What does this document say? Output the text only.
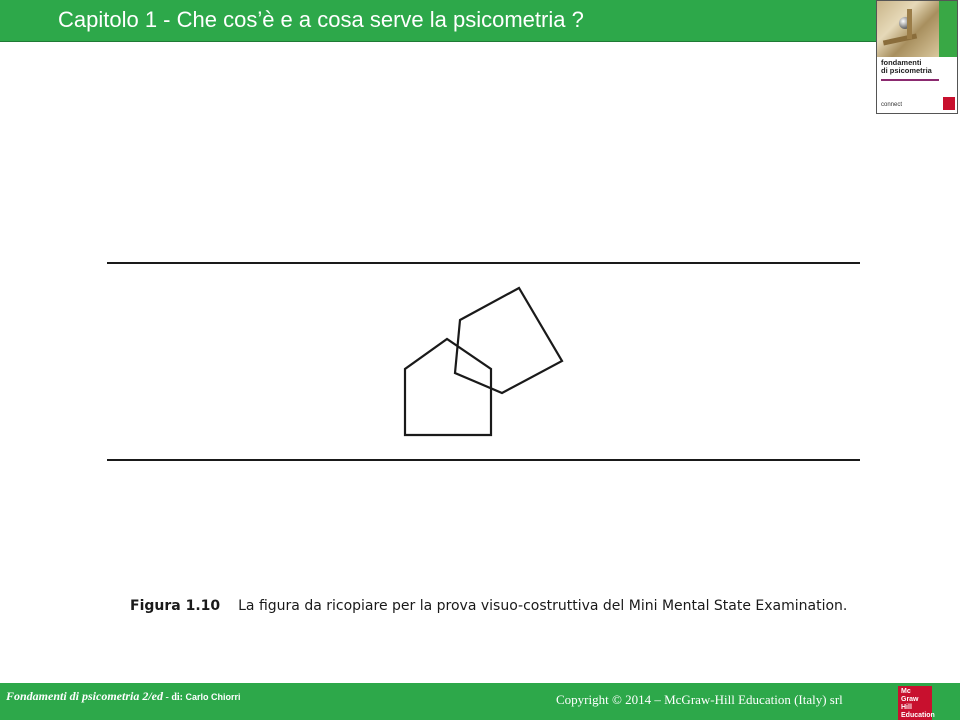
Capitolo 1 - Che cos’è e a cosa serve la psicometria ?
fondamenti
di psicometria
connect
Figura 1.10 La figura da ricopiare per la prova visuo-costruttiva del Mini Mental State Examination.
Fondamenti di psicometria 2/ed - di: Carlo Chiorri	Copyright © 2014 – McGraw-Hill Education (Italy) srl
Mc
Graw
Hill
Education
